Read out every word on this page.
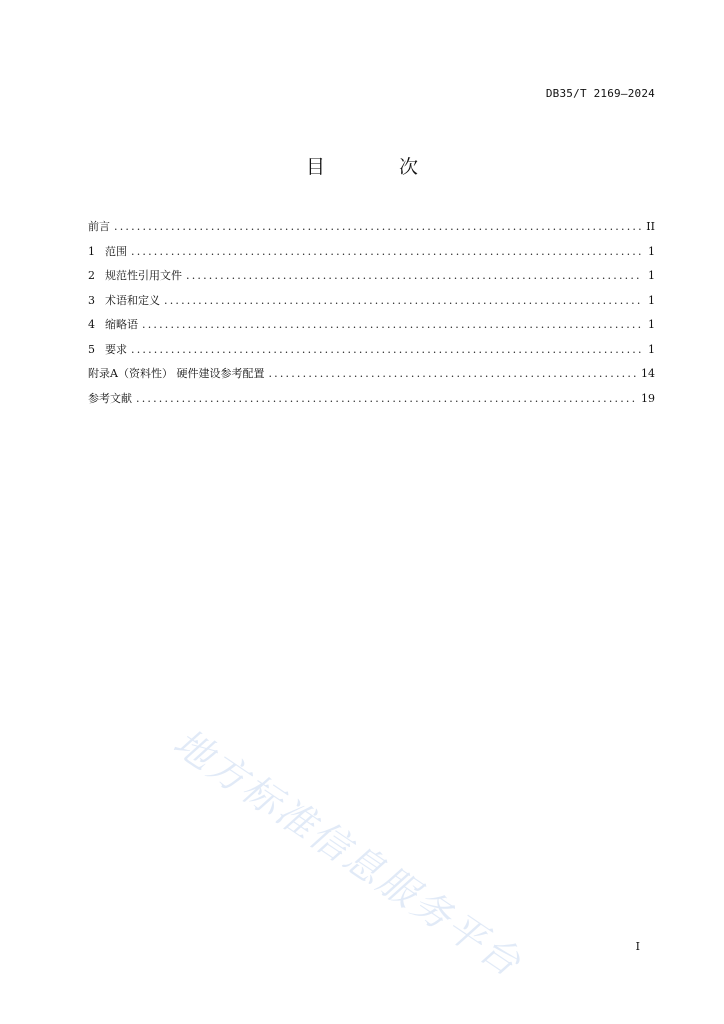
DB35/T 2169—2024
目 次
前言 .....	II
1 范围 .....	1
2 规范性引用文件 .....	1
3 术语和定义 .....	1
4 缩略语 .....	1
5 要求 .....	1
附录A（资料性） 硬件建设参考配置 .....	14
参考文献 .....	19
地方标准信息服务平台	I
